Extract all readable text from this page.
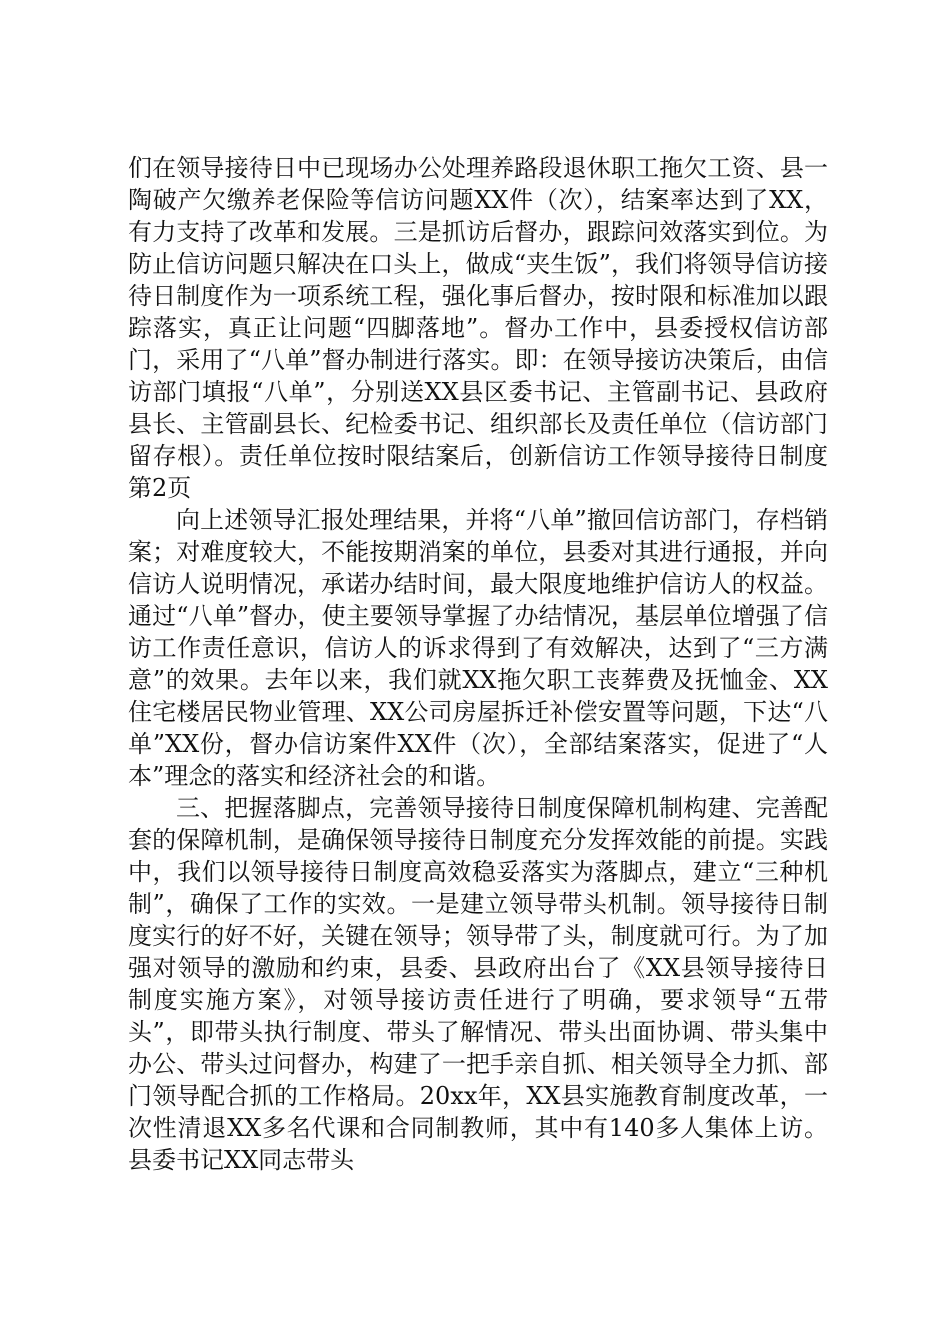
们在领导接待日中已现场办公处理养路段退休职工拖欠工资、县一陶破产欠缴养老保险等信访问题XX件（次），结案率达到了XX，有力支持了改革和发展。三是抓访后督办，跟踪问效落实到位。为防止信访问题只解决在口头上，做成“夹生饭”，我们将领导信访接待日制度作为一项系统工程，强化事后督办，按时限和标准加以跟踪落实，真正让问题“四脚落地”。督办工作中，县委授权信访部门，采用了“八单”督办制进行落实。即：在领导接访决策后，由信访部门填报“八单”，分别送XX县区委书记、主管副书记、县政府县长、主管副县长、纪检委书记、组织部长及责任单位（信访部门留存根）。责任单位按时限结案后，创新信访工作领导接待日制度第2页

向上述领导汇报处理结果，并将“八单”撤回信访部门，存档销案；对难度较大，不能按期消案的单位，县委对其进行通报，并向信访人说明情况，承诺办结时间，最大限度地维护信访人的权益。通过“八单”督办，使主要领导掌握了办结情况，基层单位增强了信访工作责任意识，信访人的诉求得到了有效解决，达到了“三方满意”的效果。去年以来，我们就XX拖欠职工丧葬费及抚恤金、XX住宅楼居民物业管理、XX公司房屋拆迁补偿安置等问题，下达“八单”XX份，督办信访案件XX件（次），全部结案落实，促进了“人本”理念的落实和经济社会的和谐。

三、把握落脚点，完善领导接待日制度保障机制构建、完善配套的保障机制，是确保领导接待日制度充分发挥效能的前提。实践中，我们以领导接待日制度高效稳妥落实为落脚点，建立“三种机制”，确保了工作的实效。一是建立领导带头机制。领导接待日制度实行的好不好，关键在领导；领导带了头，制度就可行。为了加强对领导的激励和约束，县委、县政府出台了《XX县领导接待日制度实施方案》，对领导接访责任进行了明确，要求领导“五带头”，即带头执行制度、带头了解情况、带头出面协调、带头集中办公、带头过问督办，构建了一把手亲自抓、相关领导全力抓、部门领导配合抓的工作格局。20xx年，XX县实施教育制度改革，一次性清退XX多名代课和合同制教师，其中有140多人集体上访。县委书记XX同志带头
